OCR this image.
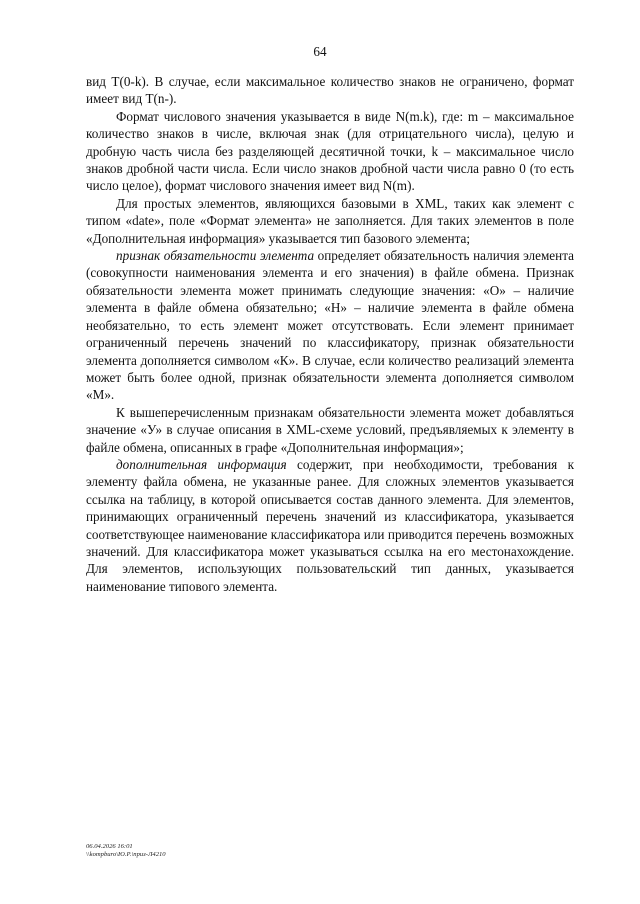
64

вид T(0-k). В случае, если максимальное количество знаков не ограничено, формат имеет вид T(n-).

Формат числового значения указывается в виде N(m.k), где: m – максимальное количество знаков в числе, включая знак (для отрицательного числа), целую и дробную часть числа без разделяющей десятичной точки, k – максимальное число знаков дробной части числа. Если число знаков дробной части числа равно 0 (то есть число целое), формат числового значения имеет вид N(m).

Для простых элементов, являющихся базовыми в XML, таких как элемент с типом «date», поле «Формат элемента» не заполняется. Для таких элементов в поле «Дополнительная информация» указывается тип базового элемента;

признак обязательности элемента определяет обязательность наличия элемента (совокупности наименования элемента и его значения) в файле обмена. Признак обязательности элемента может принимать следующие значения: «О» – наличие элемента в файле обмена обязательно; «Н» – наличие элемента в файле обмена необязательно, то есть элемент может отсутствовать. Если элемент принимает ограниченный перечень значений по классификатору, признак обязательности элемента дополняется символом «К». В случае, если количество реализаций элемента может быть более одной, признак обязательности элемента дополняется символом «М».

К вышеперечисленным признакам обязательности элемента может добавляться значение «У» в случае описания в XML-схеме условий, предъявляемых к элементу в файле обмена, описанных в графе «Дополнительная информация»;

дополнительная информация содержит, при необходимости, требования к элементу файла обмена, не указанные ранее. Для сложных элементов указывается ссылка на таблицу, в которой описывается состав данного элемента. Для элементов, принимающих ограниченный перечень значений из классификатора, указывается соответствующее наименование классификатора или приводится перечень возможных значений. Для классификатора может указываться ссылка на его местонахождение. Для элементов, использующих пользовательский тип данных, указывается наименование типового элемента.

06.04.2026 16:01
\\kompburo\Ю.Р.\приз-Л4210
